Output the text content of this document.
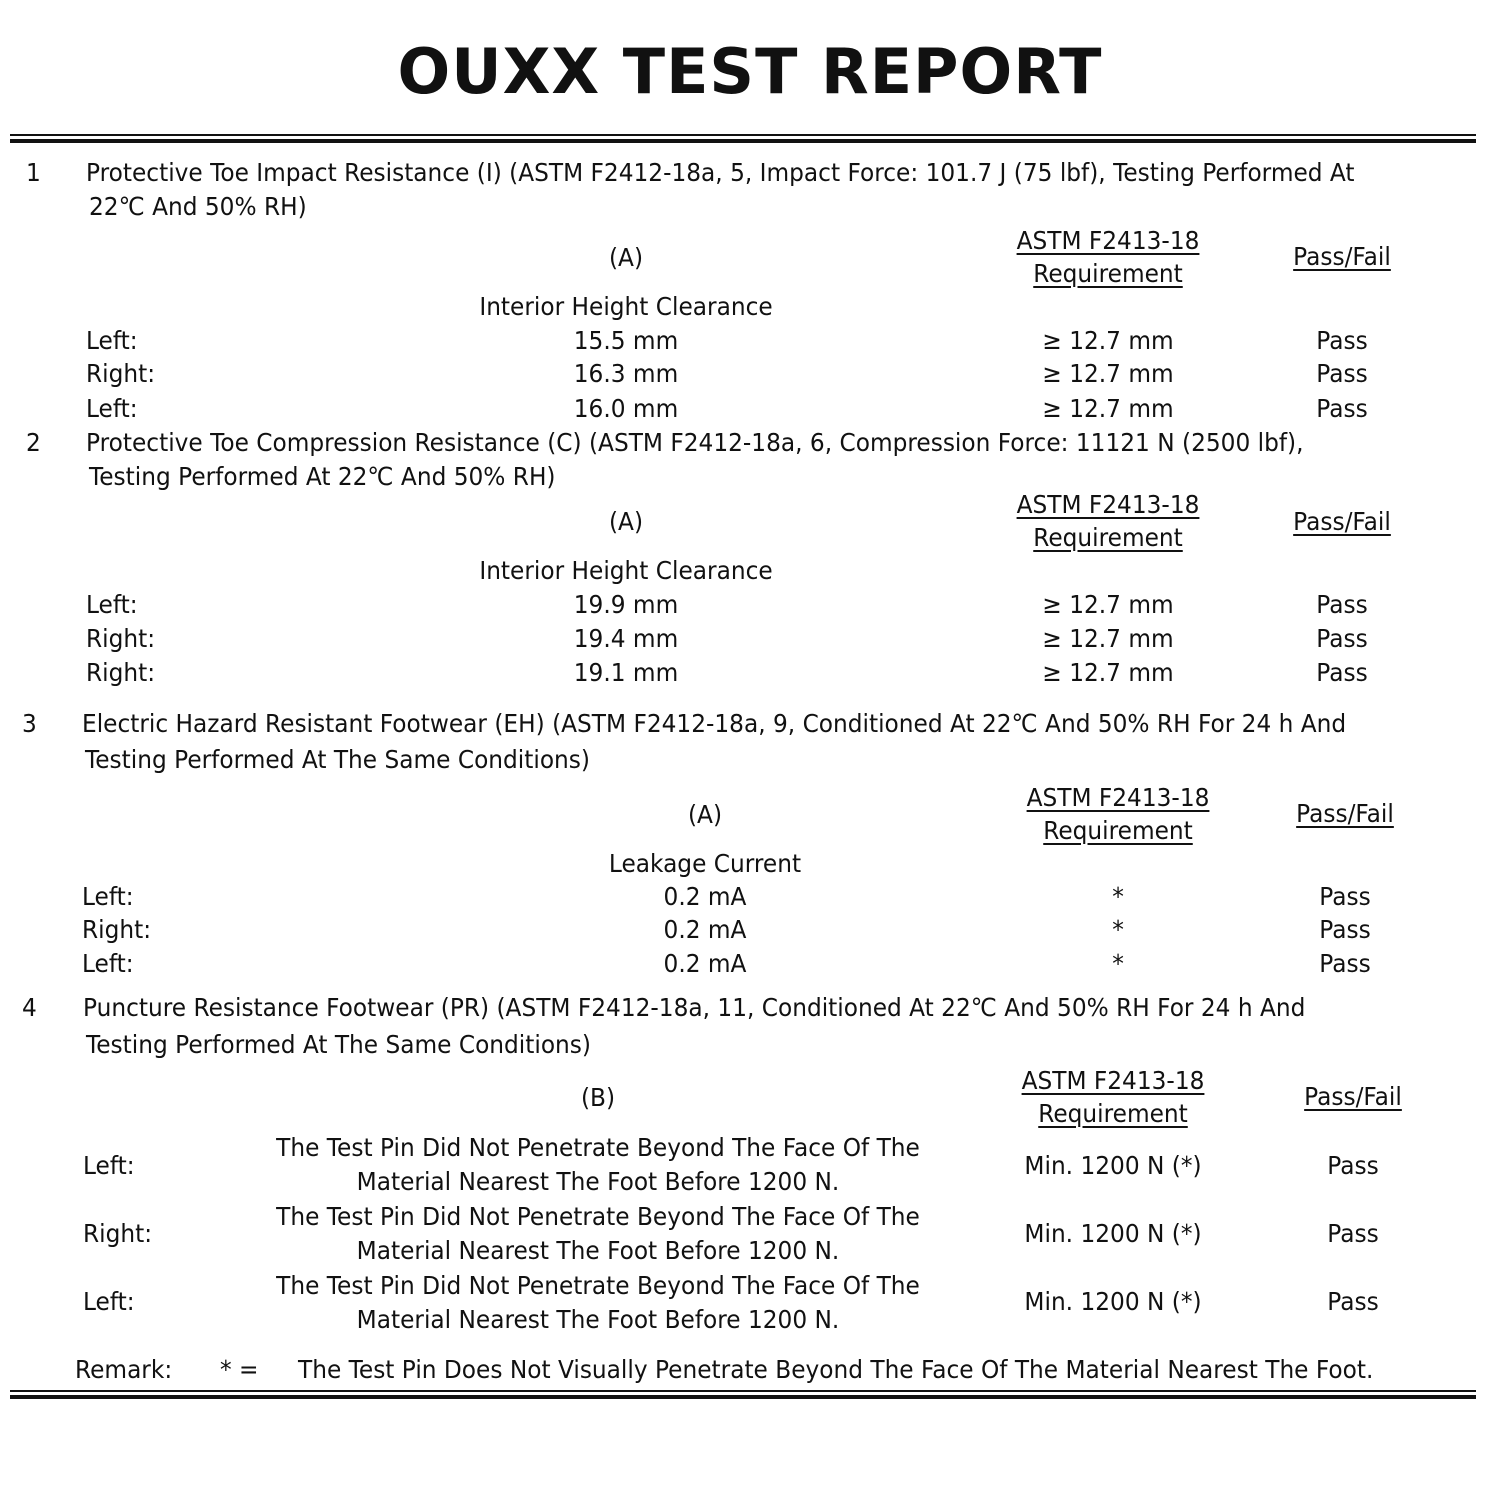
OUXX TEST REPORT
1 Protective Toe Impact Resistance (I) (ASTM F2412-18a, 5, Impact Force: 101.7 J (75 lbf), Testing Performed At
22℃ And 50% RH)
(A)
ASTM F2413-18
Requirement
Pass/Fail
Interior Height Clearance
Left:	15.5 mm	≥ 12.7 mm	Pass
Right:	16.3 mm	≥ 12.7 mm	Pass
Left:	16.0 mm	≥ 12.7 mm	Pass
2 Protective Toe Compression Resistance (C) (ASTM F2412-18a, 6, Compression Force: 11121 N (2500 lbf),
Testing Performed At 22℃ And 50% RH)
(A)
ASTM F2413-18
Requirement
Pass/Fail
Interior Height Clearance
Left:	19.9 mm	≥ 12.7 mm	Pass
Right:	19.4 mm	≥ 12.7 mm	Pass
Right:	19.1 mm	≥ 12.7 mm	Pass
3 Electric Hazard Resistant Footwear (EH) (ASTM F2412-18a, 9, Conditioned At 22℃ And 50% RH For 24 h And
Testing Performed At The Same Conditions)
(A)
ASTM F2413-18
Requirement
Pass/Fail
Leakage Current
Left:	0.2 mA	*	Pass
Right:	0.2 mA	*	Pass
Left:	0.2 mA	*	Pass
4 Puncture Resistance Footwear (PR) (ASTM F2412-18a, 11, Conditioned At 22℃ And 50% RH For 24 h And
Testing Performed At The Same Conditions)
(B)
ASTM F2413-18
Requirement
Pass/Fail
Left:
The Test Pin Did Not Penetrate Beyond The Face Of The
Material Nearest The Foot Before 1200 N.
Min. 1200 N (*)	Pass
Right:
The Test Pin Did Not Penetrate Beyond The Face Of The
Material Nearest The Foot Before 1200 N.
Min. 1200 N (*)	Pass
Left:
The Test Pin Did Not Penetrate Beyond The Face Of The
Material Nearest The Foot Before 1200 N.
Min. 1200 N (*)	Pass
Remark: * = The Test Pin Does Not Visually Penetrate Beyond The Face Of The Material Nearest The Foot.
